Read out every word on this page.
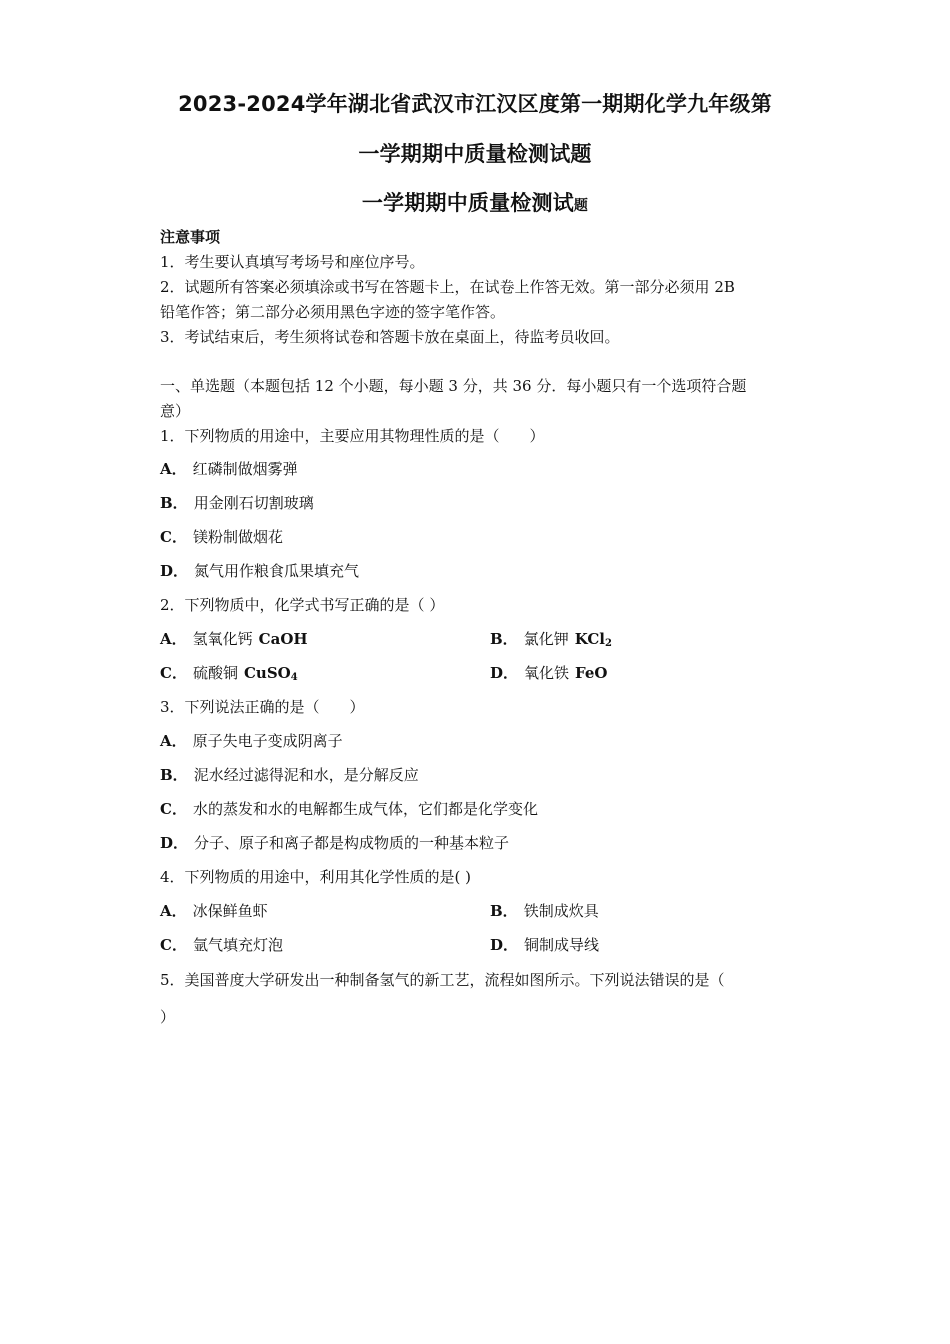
2023-2024学年湖北省武汉市江汉区度第一期期化学九年级第
一学期期中质量检测试题
一学期期中质量检测试题
注意事项
1．考生要认真填写考场号和座位序号。
2．试题所有答案必须填涂或书写在答题卡上，在试卷上作答无效。第一部分必须用 2B
铅笔作答；第二部分必须用黑色字迹的签字笔作答。
3．考试结束后，考生须将试卷和答题卡放在桌面上，待监考员收回。
一、单选题（本题包括 12 个小题，每小题 3 分，共 36 分．每小题只有一个选项符合题
意）
1．下列物质的用途中，主要应用其物理性质的是（　　）
A． 红磷制做烟雾弹
B． 用金刚石切割玻璃
C． 镁粉制做烟花
D． 氮气用作粮食瓜果填充气
2．下列物质中，化学式书写正确的是（ ）
A． 氢氧化钙 CaOH	B． 氯化钾 KCl$_2$
C． 硫酸铜 CuSO$_4$	D． 氧化铁 FeO
3．下列说法正确的是（　　）
A． 原子失电子变成阴离子
B． 泥水经过滤得泥和水，是分解反应
C． 水的蒸发和水的电解都生成气体，它们都是化学变化
D． 分子、原子和离子都是构成物质的一种基本粒子
4．下列物质的用途中，利用其化学性质的是( )
A． 冰保鲜鱼虾	B． 铁制成炊具
C． 氩气填充灯泡	D． 铜制成导线
5．美国普度大学研发出一种制备氢气的新工艺，流程如图所示。下列说法错误的是（
）
